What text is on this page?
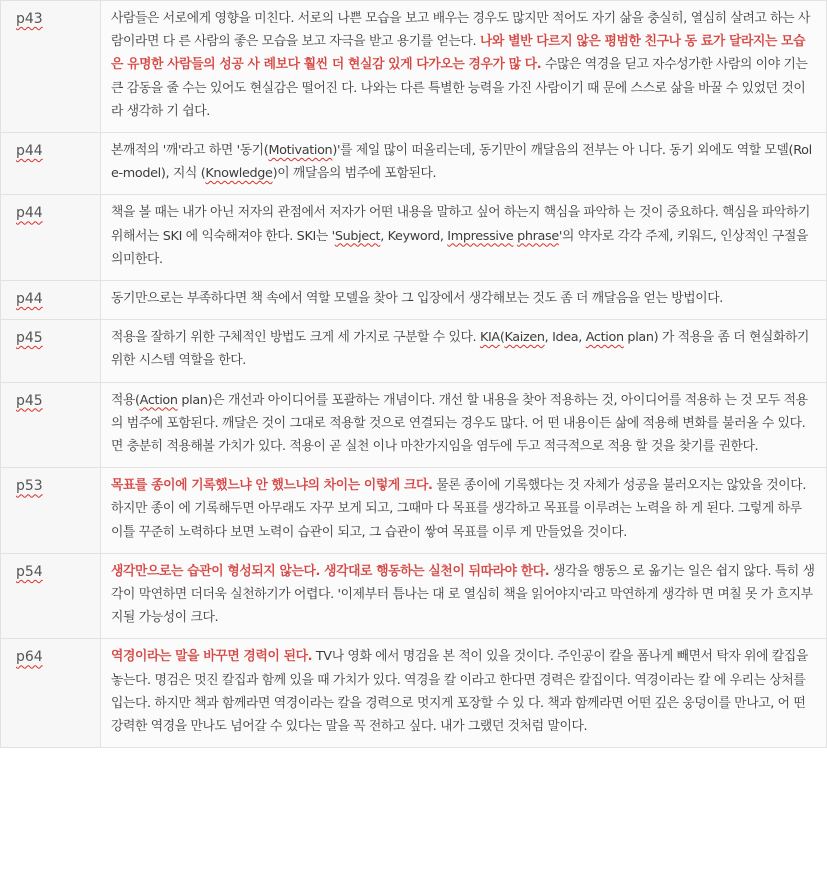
p43	사람들은 서로에게 영향을 미친다. 서로의 나쁜 모습을 보고 배우는 경우도 많지만 적어도 자기 삶을 충실히, 열심히 살려고 하는 사람이라면 다 른 사람의 좋은 모습을 보고 자극을 받고 용기를 얻는다. 나와 별반 다르지 않은 평범한 친구나 동 료가 달라지는 모습은 유명한 사람들의 성공 사 례보다 훨씬 더 현실감 있게 다가오는 경우가 많 다. 수많은 역경을 딛고 자수성가한 사람의 이야 기는 큰 감동을 줄 수는 있어도 현실감은 떨어진 다. 나와는 다른 특별한 능력을 가진 사람이기 때 문에 스스로 삶을 바꿀 수 있었던 것이라 생각하 기 쉽다.
p44	본깨적의 '깨'라고 하면 '동기(Motivation)'를 제일 많이 떠올리는데, 동기만이 깨달음의 전부는 아 니다. 동기 외에도 역할 모델(Role-model), 지식 (Knowledge)이 깨달음의 범주에 포함된다.
p44	책을 볼 때는 내가 아닌 저자의 관점에서 저자가 어떤 내용을 말하고 싶어 하는지 핵심을 파악하 는 것이 중요하다. 핵심을 파악하기 위해서는 SKI 에 익숙해져야 한다. SKI는 'Subject, Keyword, Impressive phrase'의 약자로 각각 주제, 키워드, 인상적인 구절을 의미한다.
p44	동기만으로는 부족하다면 책 속에서 역할 모델을 찾아 그 입장에서 생각해보는 것도 좀 더 깨달음을 얻는 방법이다.
p45	적용을 잘하기 위한 구체적인 방법도 크게 세 가지로 구분할 수 있다. KIA(Kaizen, Idea, Action plan) 가 적용을 좀 더 현실화하기 위한 시스템 역할을 한다.
p45	적용(Action plan)은 개선과 아이디어를 포괄하는 개념이다. 개선 할 내용을 찾아 적용하는 것, 아이디어를 적용하 는 것 모두 적용의 범주에 포함된다. 깨달은 것이 그대로 적용할 것으로 연결되는 경우도 많다. 어 떤 내용이든 삶에 적용해 변화를 불러올 수 있다. 면 충분히 적용해볼 가치가 있다. 적용이 곧 실천 이나 마찬가지임을 염두에 두고 적극적으로 적용 할 것을 찾기를 권한다.
p53	목표를 종이에 기록했느냐 안 했느냐의 차이는 이렇게 크다. 물론 종이에 기록했다는 것 자체가 성공을 불러오지는 않았을 것이다. 하지만 종이 에 기록해두면 아무래도 자꾸 보게 되고, 그때마 다 목표를 생각하고 목표를 이루려는 노력을 하 게 된다. 그렇게 하루 이틀 꾸준히 노력하다 보면 노력이 습관이 되고, 그 습관이 쌓여 목표를 이루 게 만들었을 것이다.
p54	생각만으로는 습관이 형성되지 않는다. 생각대로 행동하는 실천이 뒤따라야 한다. 생각을 행동으 로 옮기는 일은 쉽지 않다. 특히 생각이 막연하면 더더욱 실천하기가 어렵다. '이제부터 틈나는 대 로 열심히 책을 읽어야지'라고 막연하게 생각하 면 며칠 못 가 흐지부지될 가능성이 크다.
p64	역경이라는 말을 바꾸면 경력이 된다. TV나 영화 에서 명검을 본 적이 있을 것이다. 주인공이 칼을 폼나게 빼면서 탁자 위에 칼집을 놓는다. 명검은 멋진 칼집과 함께 있을 때 가치가 있다. 역경을 칼 이라고 한다면 경력은 칼집이다. 역경이라는 칼 에 우리는 상처를 입는다. 하지만 책과 함께라면 역경이라는 칼을 경력으로 멋지게 포장할 수 있 다. 책과 함께라면 어떤 깊은 웅덩이를 만나고, 어 떤 강력한 역경을 만나도 넘어갈 수 있다는 말을 꼭 전하고 싶다. 내가 그랬던 것처럼 말이다.
